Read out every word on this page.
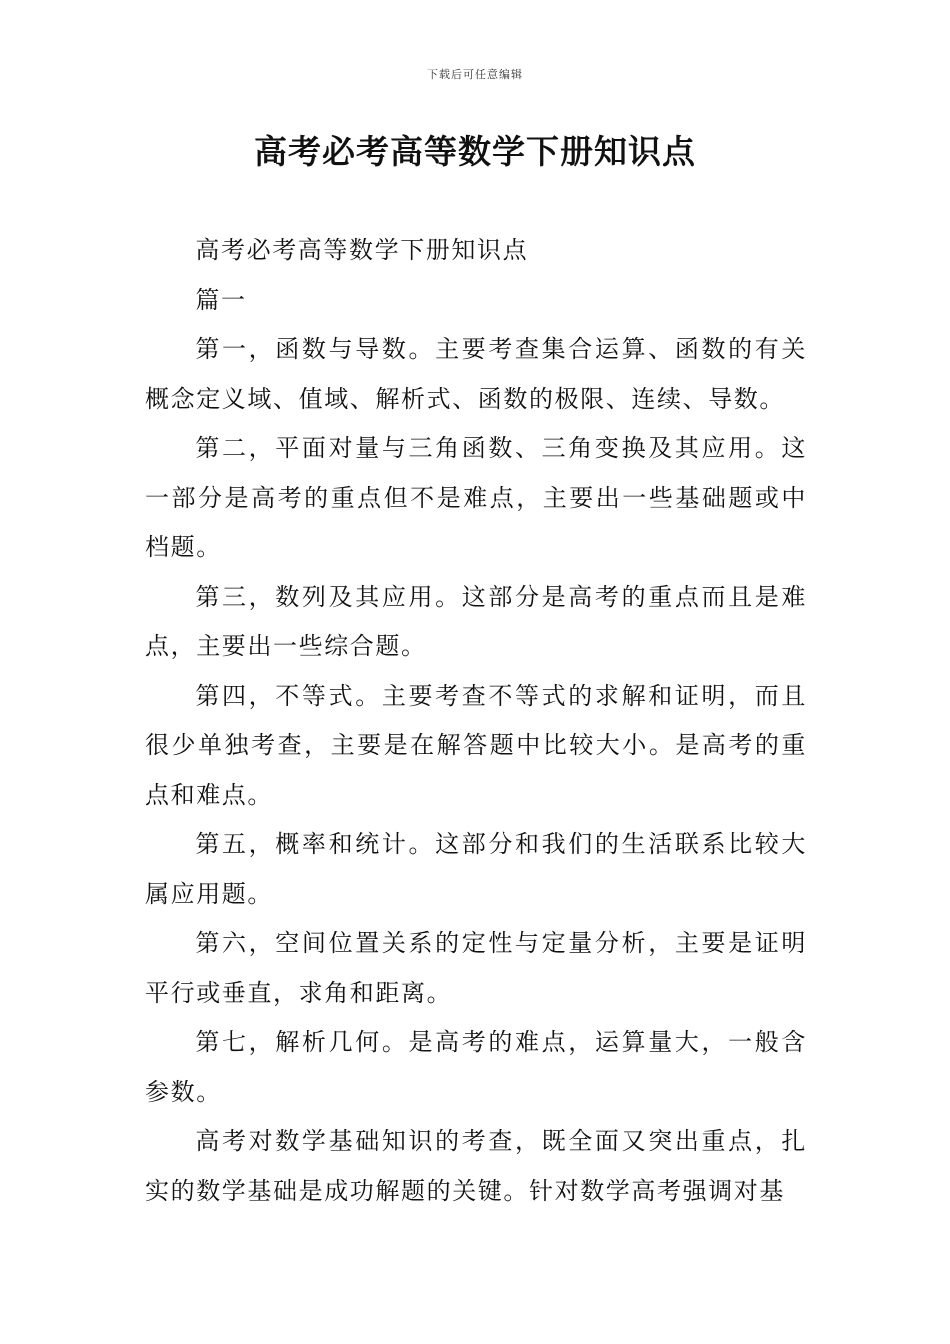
下载后可任意编辑
高考必考高等数学下册知识点

高考必考高等数学下册知识点

篇一

第一，函数与导数。主要考查集合运算、函数的有关概念定义域、值域、解析式、函数的极限、连续、导数。

第二，平面对量与三角函数、三角变换及其应用。这一部分是高考的重点但不是难点，主要出一些基础题或中档题。

第三，数列及其应用。这部分是高考的重点而且是难点，主要出一些综合题。

第四，不等式。主要考查不等式的求解和证明，而且很少单独考查，主要是在解答题中比较大小。是高考的重点和难点。

第五，概率和统计。这部分和我们的生活联系比较大属应用题。

第六，空间位置关系的定性与定量分析，主要是证明平行或垂直，求角和距离。

第七，解析几何。是高考的难点，运算量大，一般含参数。

高考对数学基础知识的考查，既全面又突出重点，扎实的数学基础是成功解题的关键。针对数学高考强调对基
